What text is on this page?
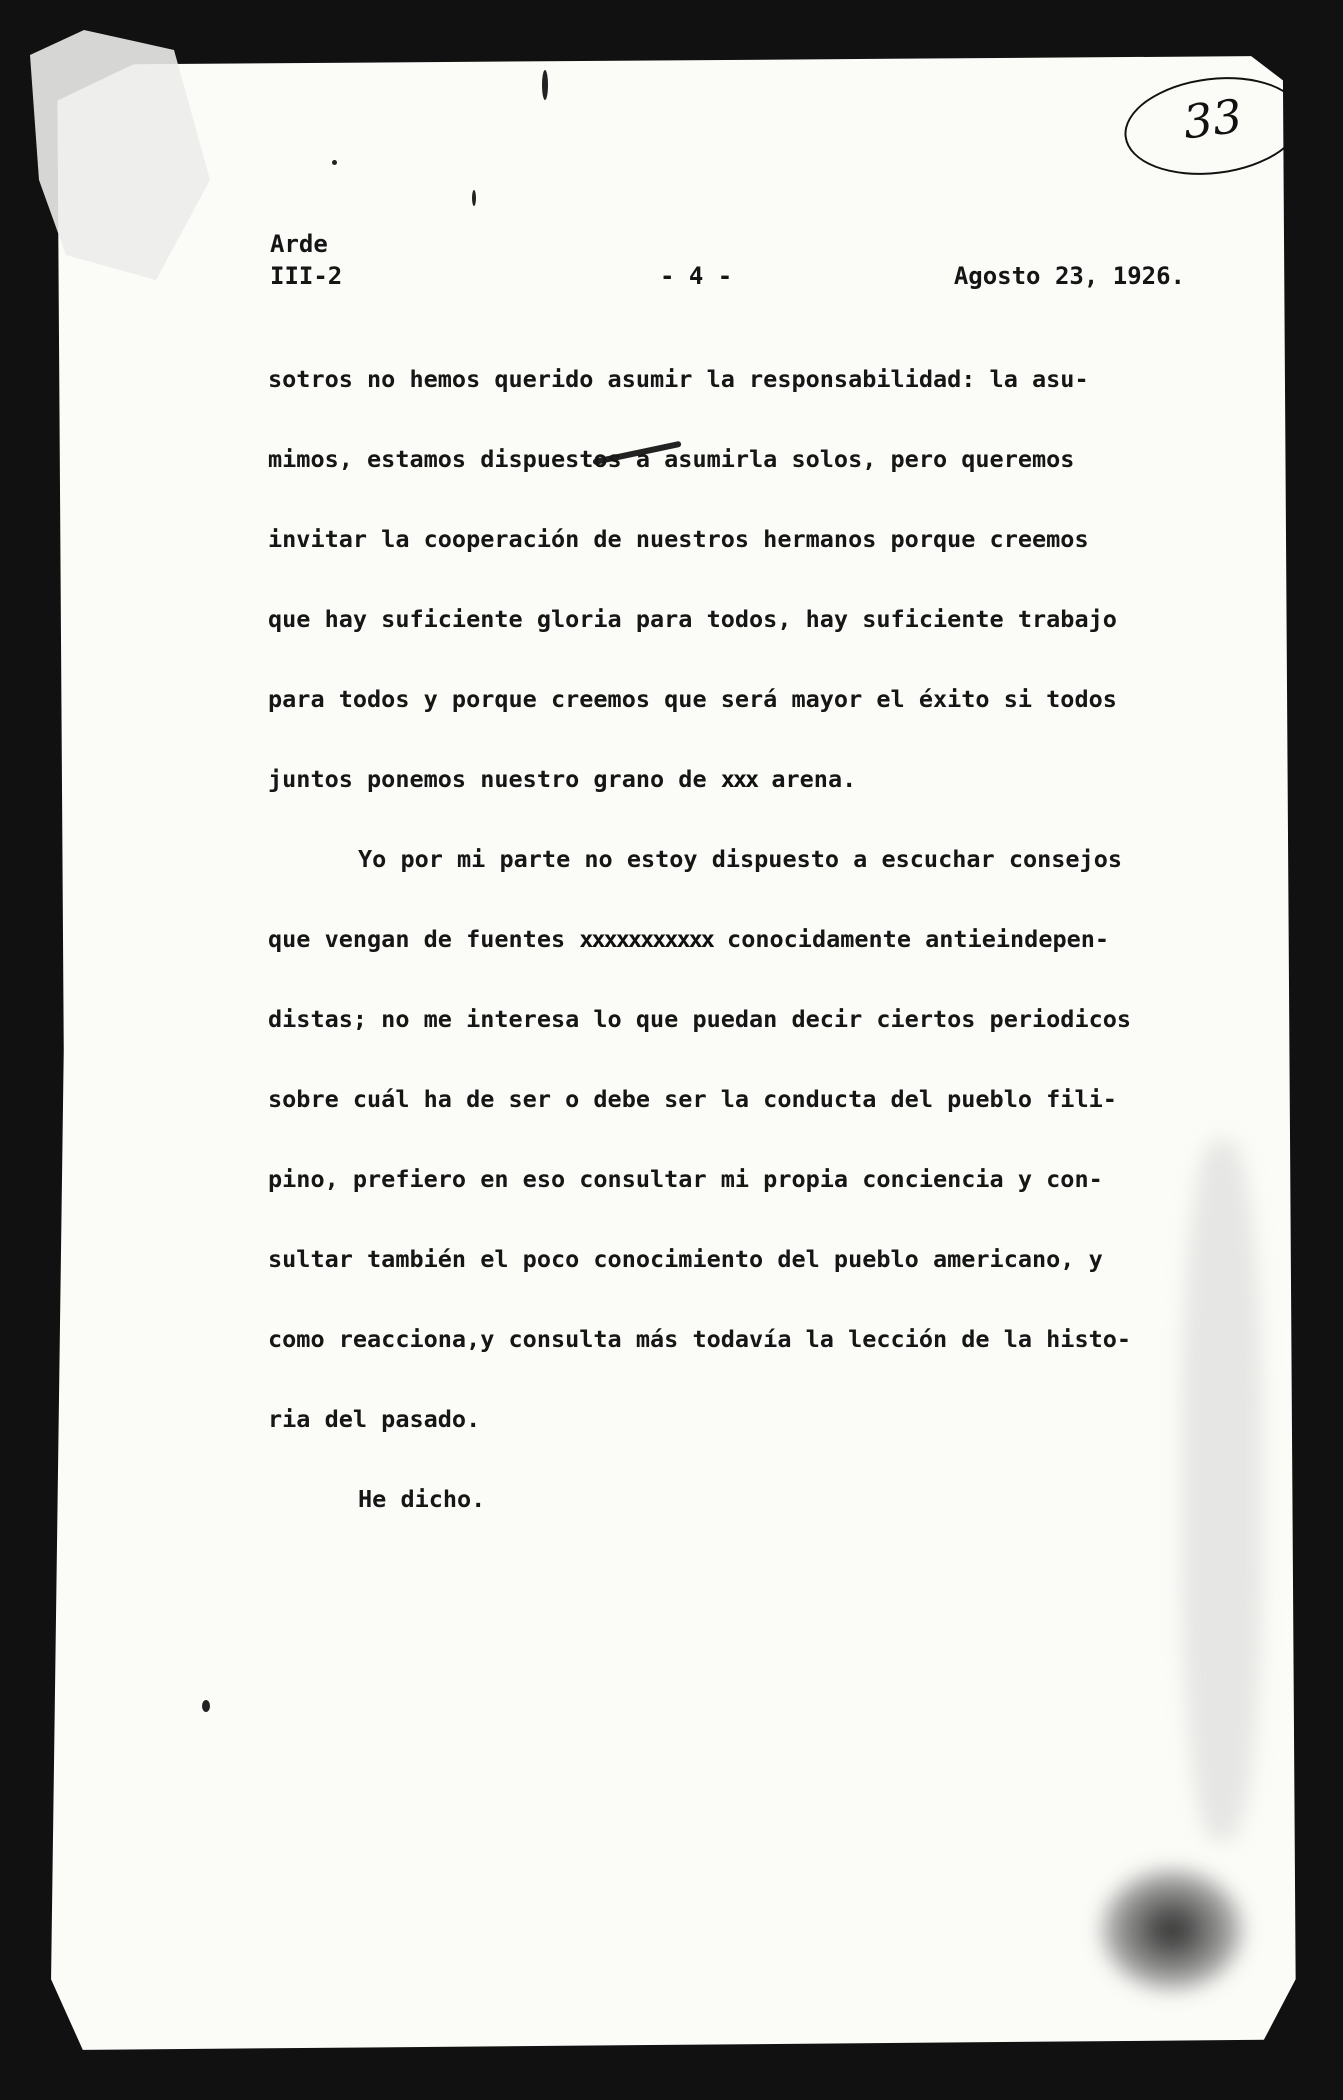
33
Arde
III-2	- 4 -	Agosto 23, 1926.
sotros no hemos querido asumir la responsabilidad: la asu-
mimos, estamos dispuestos a asumirla solos, pero queremos
invitar la cooperación de nuestros hermanos porque creemos
que hay suficiente gloria para todos, hay suficiente trabajo
para todos y porque creemos que será mayor el éxito si todos
juntos ponemos nuestro grano de xxx arena.
Yo por mi parte no estoy dispuesto a escuchar consejos
que vengan de fuentes xxxxxxxxxxx conocidamente antieindepen-
distas; no me interesa lo que puedan decir ciertos periodicos
sobre cuál ha de ser o debe ser la conducta del pueblo fili-
pino, prefiero en eso consultar mi propia conciencia y con-
sultar también el poco conocimiento del pueblo americano, y
como reacciona,y consulta más todavía la lección de la histo-
ria del pasado.
He dicho.
